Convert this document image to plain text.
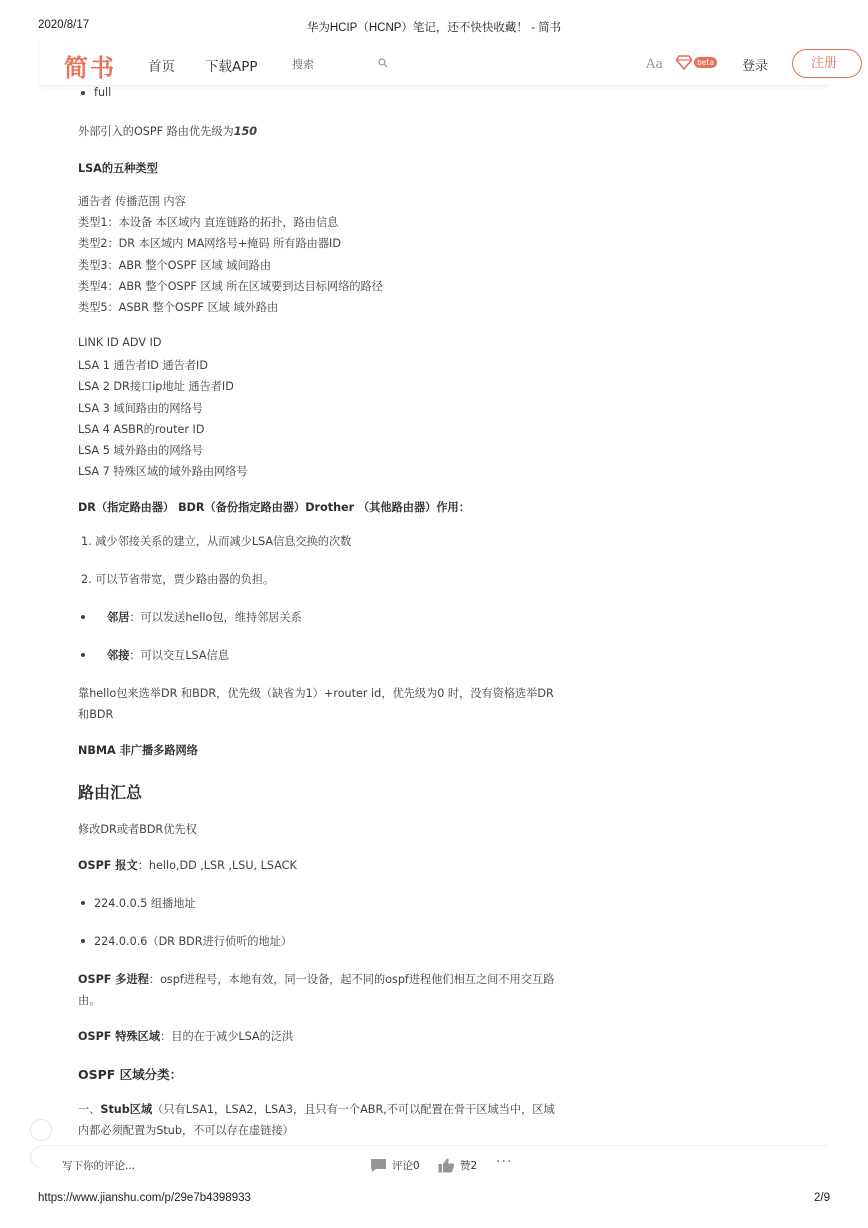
2020/8/17	华为HCIP（HCNP）笔记，还不快快收藏！ - 简书
简书 首页 下载APP
搜索	Aa	beta 登录	注册
full
外部引入的OSPF 路由优先级为150
LSA的五种类型
通告者 传播范围 内容
类型1：本设备 本区域内 直连链路的拓扑，路由信息
类型2：DR 本区域内 MA网络号+掩码 所有路由器ID
类型3：ABR 整个OSPF 区域 域间路由
类型4：ABR 整个OSPF 区域 所在区域要到达目标网络的路径
类型5：ASBR 整个OSPF 区域 域外路由
LINK ID ADV ID
LSA 1 通告者ID 通告者ID
LSA 2 DR接口ip地址 通告者ID
LSA 3 域间路由的网络号
LSA 4 ASBR的router ID
LSA 5 域外路由的网络号
LSA 7 特殊区域的域外路由网络号
DR（指定路由器） BDR（备份指定路由器）Drother （其他路由器）作用：
1. 减少邻接关系的建立，从而减少LSA信息交换的次数
2. 可以节省带宽，贾少路由器的负担。
邻居：可以发送hello包，维持邻居关系
邻接：可以交互LSA信息
靠hello包来选举DR 和BDR，优先级（缺省为1）+router id，优先级为0 时，没有资格选举DR
和BDR
NBMA 非广播多路网络
路由汇总
修改DR或者BDR优先权
OSPF 报文：hello,DD ,LSR ,LSU, LSACK
224.0.0.5 组播地址
224.0.0.6（DR BDR进行侦听的地址）
OSPF 多进程：ospf进程号，本地有效，同一设备，起不同的ospf进程他们相互之间不用交互路
由。
OSPF 特殊区域：目的在于减少LSA的泛洪
OSPF 区域分类：
一、Stub区域（只有LSA1，LSA2，LSA3，且只有一个ABR,不可以配置在骨干区域当中，区域
内都必须配置为Stub，不可以存在虚链接）
写下你的评论...
评论0	赞2 ···
https://www.jianshu.com/p/29e7b4398933	2/9
